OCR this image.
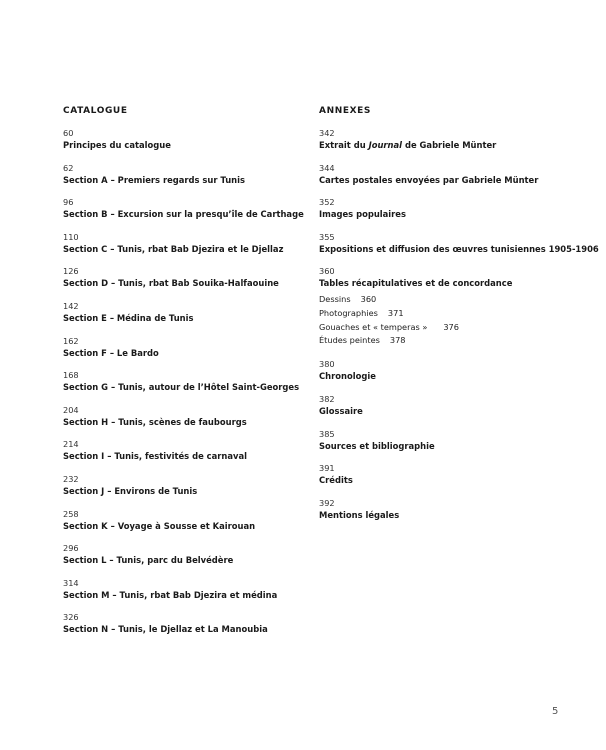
CATALOGUE
60
Principes du catalogue
62
Section A – Premiers regards sur Tunis
96
Section B – Excursion sur la presqu’île de Carthage
110
Section C – Tunis, rbat Bab Djezira et le Djellaz
126
Section D – Tunis, rbat Bab Souika-Halfaouine
142
Section E – Médina de Tunis
162
Section F – Le Bardo
168
Section G – Tunis, autour de l’Hôtel Saint-Georges
204
Section H – Tunis, scènes de faubourgs
214
Section I – Tunis, festivités de carnaval
232
Section J – Environs de Tunis
258
Section K – Voyage à Sousse et Kairouan
296
Section L – Tunis, parc du Belvédère
314
Section M – Tunis, rbat Bab Djezira et médina
326
Section N – Tunis, le Djellaz et La Manoubia
ANNEXES
342
Extrait du Journal de Gabriele Münter
344
Cartes postales envoyées par Gabriele Münter
352
Images populaires
355
Expositions et diffusion des œuvres tunisiennes 1905-1906
360
Tables récapitulatives et de concordance
Dessins 360
Photographies 371
Gouaches et « temperas » 376
Études peintes 378
380
Chronologie
382
Glossaire
385
Sources et bibliographie
391
Crédits
392
Mentions légales
5
